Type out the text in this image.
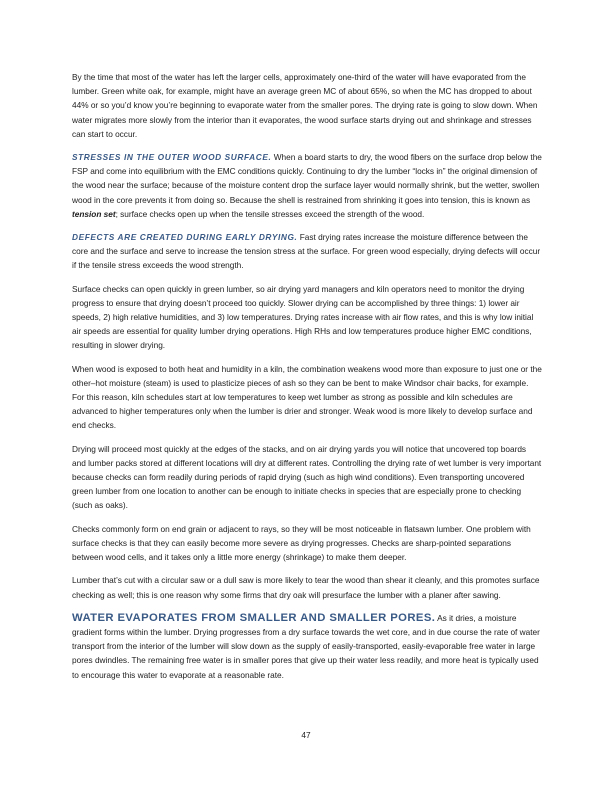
By the time that most of the water has left the larger cells, approximately one-third of the water will have evaporated from the lumber. Green white oak, for example, might have an average green MC of about 65%, so when the MC has dropped to about 44% or so you’d know you’re beginning to evaporate water from the smaller pores. The drying rate is going to slow down. When water migrates more slowly from the interior than it evaporates, the wood surface starts drying out and shrinkage and stresses can start to occur.

STRESSES IN THE OUTER WOOD SURFACE. When a board starts to dry, the wood fibers on the surface drop below the FSP and come into equilibrium with the EMC conditions quickly. Continuing to dry the lumber “locks in” the original dimension of the wood near the surface; because of the moisture content drop the surface layer would normally shrink, but the wetter, swollen wood in the core prevents it from doing so. Because the shell is restrained from shrinking it goes into tension, this is known as tension set; surface checks open up when the tensile stresses exceed the strength of the wood.

DEFECTS ARE CREATED DURING EARLY DRYING. Fast drying rates increase the moisture difference between the core and the surface and serve to increase the tension stress at the surface. For green wood especially, drying defects will occur if the tensile stress exceeds the wood strength.

Surface checks can open quickly in green lumber, so air drying yard managers and kiln operators need to monitor the drying progress to ensure that drying doesn’t proceed too quickly. Slower drying can be accomplished by three things: 1) lower air speeds, 2) high relative humidities, and 3) low temperatures. Drying rates increase with air flow rates, and this is why low initial air speeds are essential for quality lumber drying operations. High RHs and low temperatures produce higher EMC conditions, resulting in slower drying.

When wood is exposed to both heat and humidity in a kiln, the combination weakens wood more than exposure to just one or the other–hot moisture (steam) is used to plasticize pieces of ash so they can be bent to make Windsor chair backs, for example. For this reason, kiln schedules start at low temperatures to keep wet lumber as strong as possible and kiln schedules are advanced to higher temperatures only when the lumber is drier and stronger. Weak wood is more likely to develop surface and end checks.

Drying will proceed most quickly at the edges of the stacks, and on air drying yards you will notice that uncovered top boards and lumber packs stored at different locations will dry at different rates. Controlling the drying rate of wet lumber is very important because checks can form readily during periods of rapid drying (such as high wind conditions). Even transporting uncovered green lumber from one location to another can be enough to initiate checks in species that are especially prone to checking (such as oaks).

Checks commonly form on end grain or adjacent to rays, so they will be most noticeable in flatsawn lumber. One problem with surface checks is that they can easily become more severe as drying progresses. Checks are sharp-pointed separations between wood cells, and it takes only a little more energy (shrinkage) to make them deeper.

Lumber that’s cut with a circular saw or a dull saw is more likely to tear the wood than shear it cleanly, and this promotes surface checking as well; this is one reason why some firms that dry oak will presurface the lumber with a planer after sawing.

WATER EVAPORATES FROM SMALLER AND SMALLER PORES. As it dries, a moisture gradient forms within the lumber. Drying progresses from a dry surface towards the wet core, and in due course the rate of water transport from the interior of the lumber will slow down as the supply of easily-transported, easily-evaporable free water in large pores dwindles. The remaining free water is in smaller pores that give up their water less readily, and more heat is typically used to encourage this water to evaporate at a reasonable rate.

47
